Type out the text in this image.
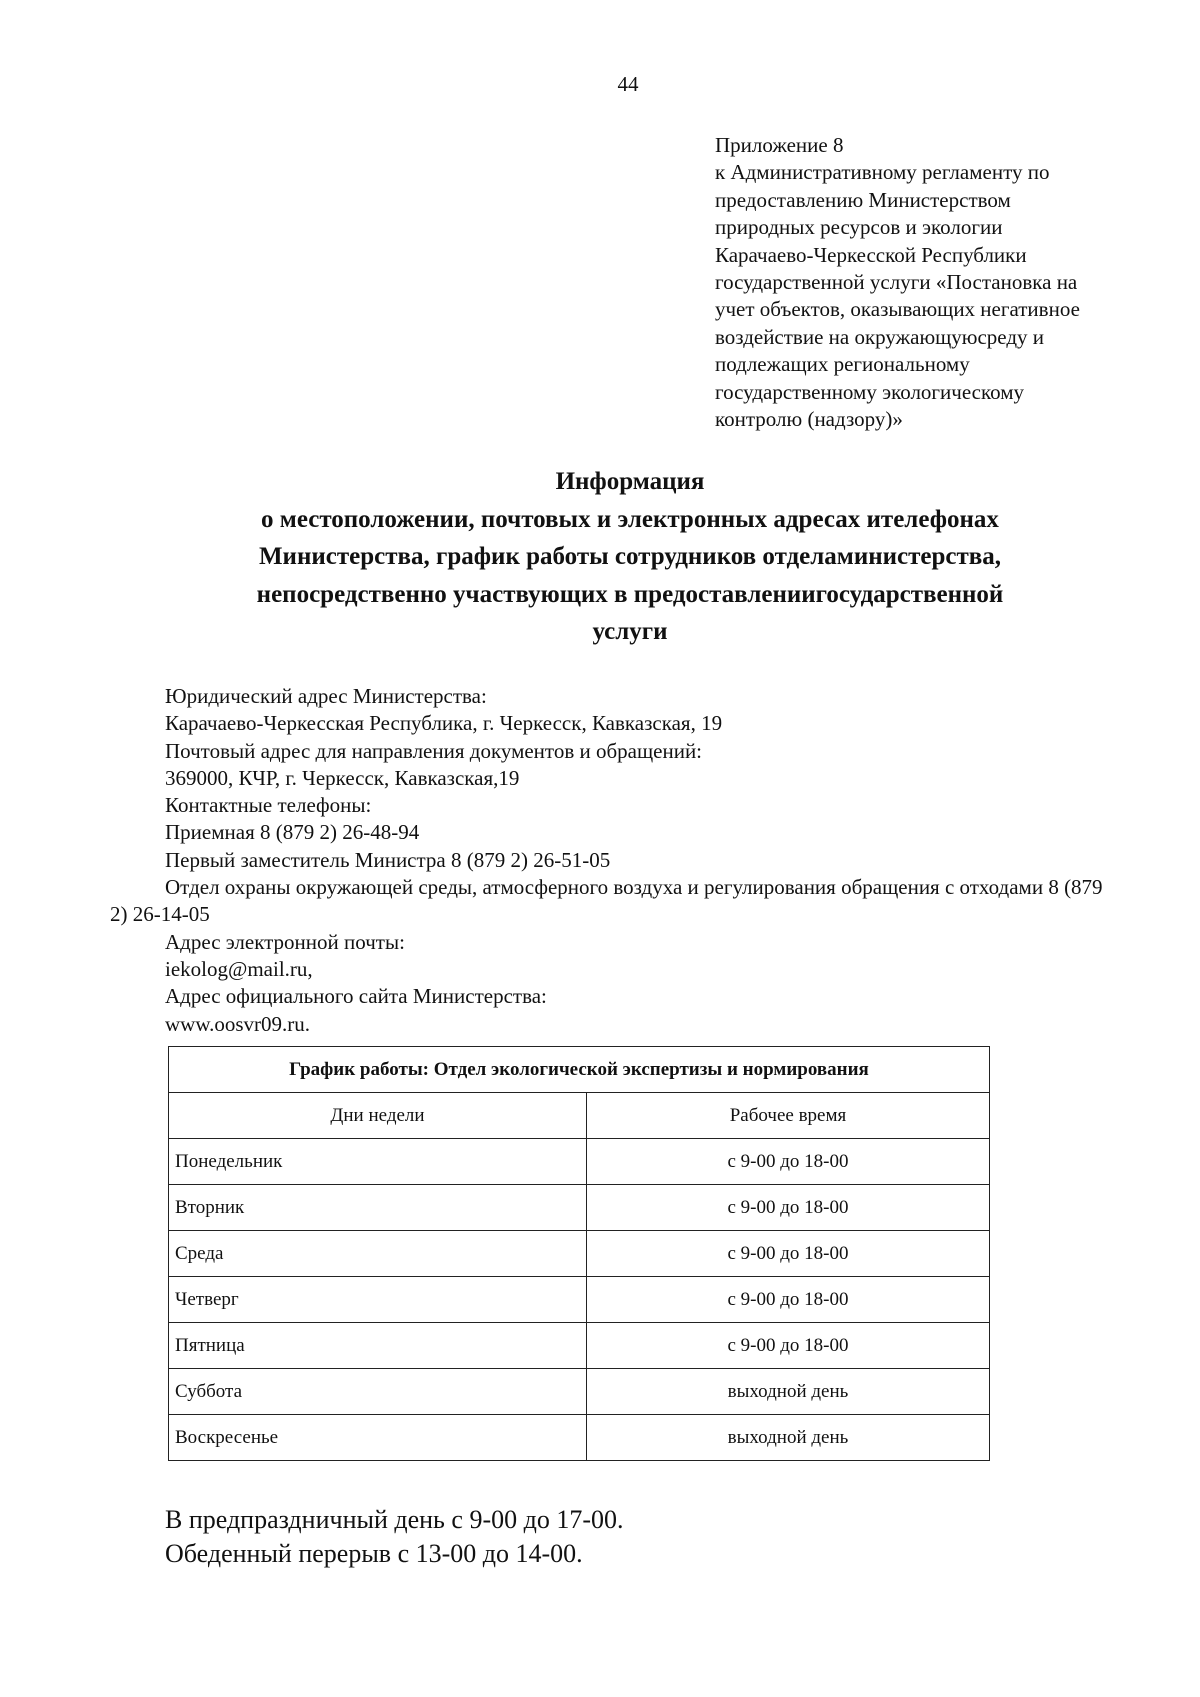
44
Приложение 8
к Административному регламенту по
предоставлению Министерством
природных ресурсов и экологии
Карачаево-Черкесской Республики
государственной услуги «Постановка на
учет объектов, оказывающих негативное
воздействие на окружающуюсреду и
подлежащих региональному
государственному экологическому
контролю (надзору)»
Информация
о местоположении, почтовых и электронных адресах ителефонах
Министерства, график работы сотрудников отделаминистерства,
непосредственно участвующих в предоставлениигосударственной
услуги
Юридический адрес Министерства:
Карачаево-Черкесская Республика, г. Черкесск, Кавказская, 19
Почтовый адрес для направления документов и обращений:
369000, КЧР, г. Черкесск, Кавказская,19
Контактные телефоны:
Приемная 8 (879 2) 26-48-94
Первый заместитель Министра 8 (879 2) 26-51-05
Отдел охраны окружающей среды, атмосферного воздуха и регулирования обращения с отходами 8 (879 2) 26-14-05
Адрес электронной почты:
iekolog@mail.ru,
Адрес официального сайта Министерства:
www.oosvr09.ru.
График работы: Отдел экологической экспертизы и нормирования	
Дни недели	Рабочее время
Понедельник	с 9-00 до 18-00
Вторник	с 9-00 до 18-00
Среда	с 9-00 до 18-00
Четверг	с 9-00 до 18-00
Пятница	с 9-00 до 18-00
Суббота	выходной день
Воскресенье	выходной день
В предпраздничный день с 9-00 до 17-00.
Обеденный перерыв с 13-00 до 14-00.
